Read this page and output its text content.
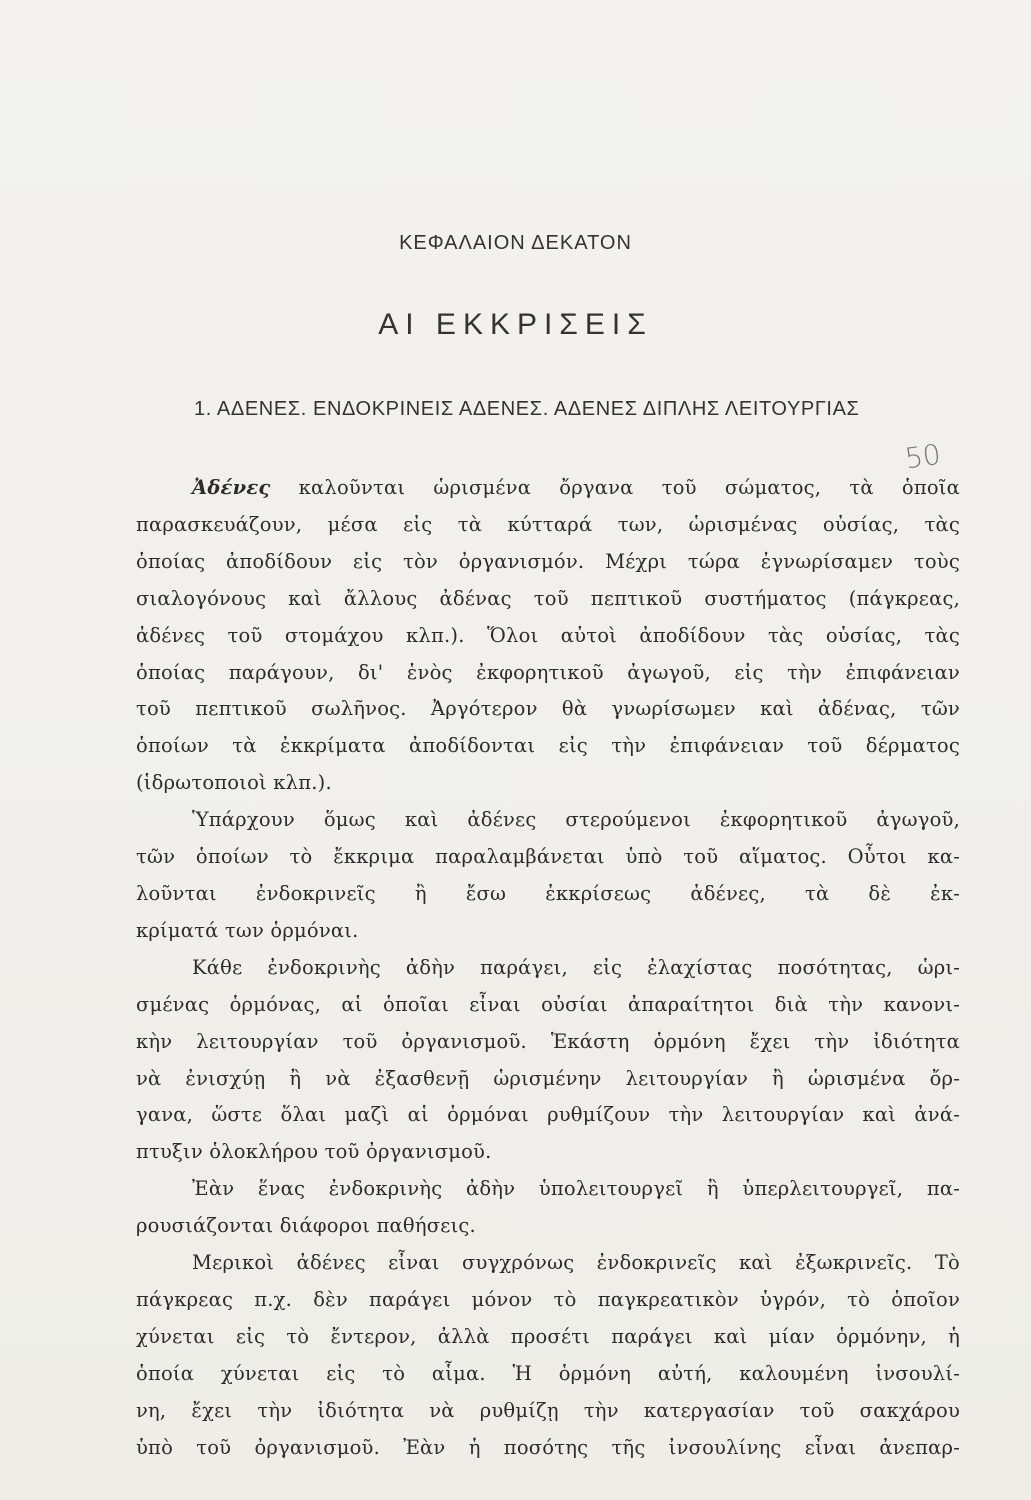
ΚΕΦΑΛΑΙΟΝ ΔΕΚΑΤΟΝ
ΑΙ ΕΚΚΡΙΣΕΙΣ
1. ΑΔΕΝΕΣ. ΕΝΔΟΚΡΙΝΕΙΣ ΑΔΕΝΕΣ. ΑΔΕΝΕΣ ΔΙΠΛΗΣ ΛΕΙΤΟΥΡΓΙΑΣ
50

Ἀδένες καλοῦνται ὡρισμένα ὄργανα τοῦ σώματος, τὰ ὁποῖα
παρασκευάζουν, μέσα εἰς τὰ κύτταρά των, ὡρισμένας οὐσίας, τὰς
ὁποίας ἀποδίδουν εἰς τὸν ὀργανισμόν. Μέχρι τώρα ἐγνωρίσαμεν τοὺς
σιαλογόνους καὶ ἄλλους ἀδένας τοῦ πεπτικοῦ συστήματος (πάγκρεας,
ἀδένες τοῦ στομάχου κλπ.). Ὅλοι αὐτοὶ ἀποδίδουν τὰς οὐσίας, τὰς
ὁποίας παράγουν, δι' ἑνὸς ἐκφορητικοῦ ἀγωγοῦ, εἰς τὴν ἐπιφάνειαν
τοῦ πεπτικοῦ σωλῆνος. Ἀργότερον θὰ γνωρίσωμεν καὶ ἀδένας, τῶν
ὁποίων τὰ ἐκκρίματα ἀποδίδονται εἰς τὴν ἐπιφάνειαν τοῦ δέρματος
(ἱδρωτοποιοὶ κλπ.).

Ὑπάρχουν ὅμως καὶ ἀδένες στερούμενοι ἐκφορητικοῦ ἀγωγοῦ,
τῶν ὁποίων τὸ ἔκκριμα παραλαμβάνεται ὑπὸ τοῦ αἵματος. Οὗτοι κα-
λοῦνται ἐνδοκρινεῖς ἢ ἔσω ἐκκρίσεως ἀδένες, τὰ δὲ ἐκ-
κρίματά των ὁρμόναι.

Κάθε ἐνδοκρινὴς ἀδὴν παράγει, εἰς ἐλαχίστας ποσότητας, ὡρι-
σμένας ὁρμόνας, αἱ ὁποῖαι εἶναι οὐσίαι ἀπαραίτητοι διὰ τὴν κανονι-
κὴν λειτουργίαν τοῦ ὀργανισμοῦ. Ἑκάστη ὁρμόνη ἔχει τὴν ἰδιότητα
νὰ ἐνισχύῃ ἢ νὰ ἐξασθενῇ ὡρισμένην λειτουργίαν ἢ ὡρισμένα ὄρ-
γανα, ὥστε ὅλαι μαζὶ αἱ ὁρμόναι ρυθμίζουν τὴν λειτουργίαν καὶ ἀνά-
πτυξιν ὁλοκλήρου τοῦ ὀργανισμοῦ.

Ἐὰν ἕνας ἐνδοκρινὴς ἀδὴν ὑπολειτουργεῖ ἢ ὑπερλειτουργεῖ, πα-
ρουσιάζονται διάφοροι παθήσεις.

Μερικοὶ ἀδένες εἶναι συγχρόνως ἐνδοκρινεῖς καὶ ἐξωκρινεῖς. Τὸ
πάγκρεας π.χ. δὲν παράγει μόνον τὸ παγκρεατικὸν ὑγρόν, τὸ ὁποῖον
χύνεται εἰς τὸ ἔντερον, ἀλλὰ προσέτι παράγει καὶ μίαν ὁρμόνην, ἡ
ὁποία χύνεται εἰς τὸ αἷμα. Ἡ ὁρμόνη αὐτή, καλουμένη ἰνσουλί-
νη, ἔχει τὴν ἰδιότητα νὰ ρυθμίζῃ τὴν κατεργασίαν τοῦ σακχάρου
ὑπὸ τοῦ ὀργανισμοῦ. Ἐὰν ἡ ποσότης τῆς ἰνσουλίνης εἶναι ἀνεπαρ-
